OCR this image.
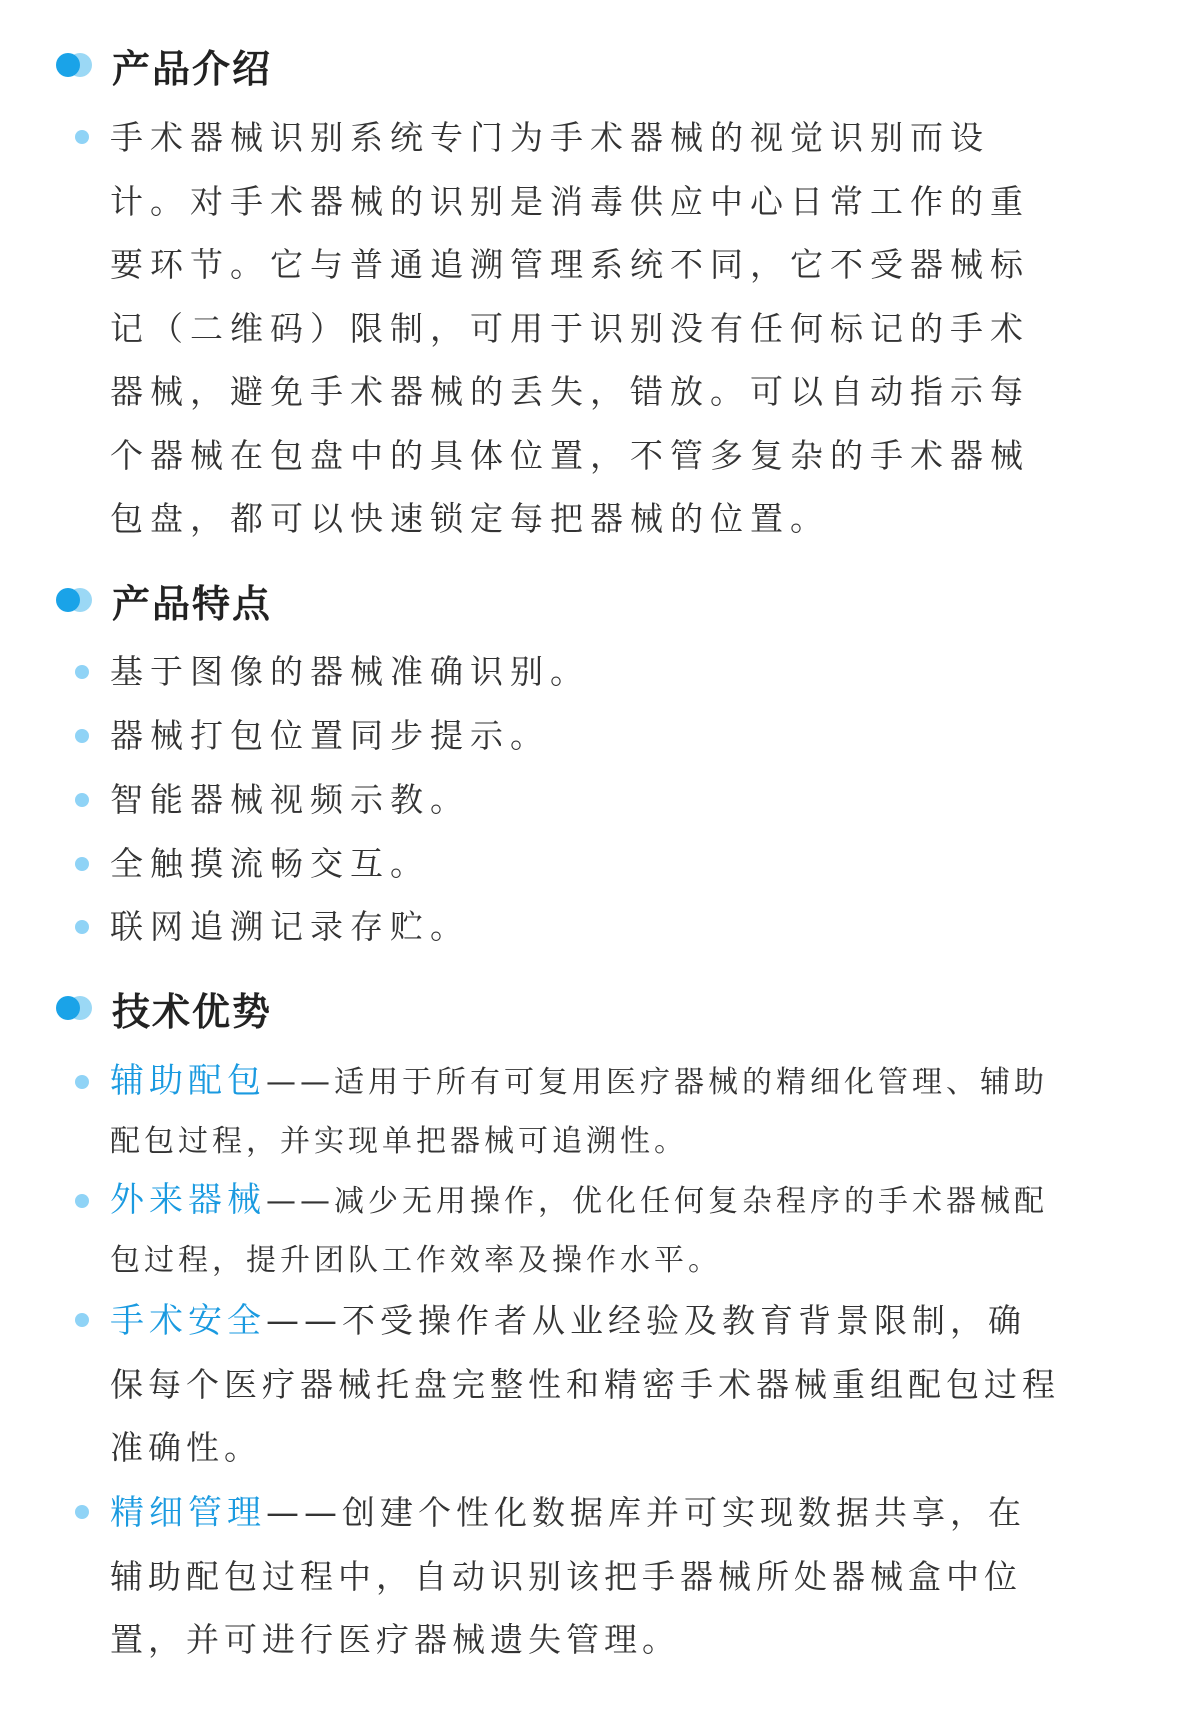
产品介绍

手术器械识别系统专门为手术器械的视觉识别而设计。对手术器械的识别是消毒供应中心日常工作的重要环节。它与普通追溯管理系统不同，它不受器械标记（二维码）限制，可用于识别没有任何标记的手术器械，避免手术器械的丢失，错放。可以自动指示每个器械在包盘中的具体位置，不管多复杂的手术器械包盘，都可以快速锁定每把器械的位置。

产品特点
基于图像的器械准确识别。
器械打包位置同步提示。
智能器械视频示教。
全触摸流畅交互。
联网追溯记录存贮。
技术优势
辅助配包——适用于所有可复用医疗器械的精细化管理、辅助配包过程，并实现单把器械可追溯性。
外来器械——减少无用操作，优化任何复杂程序的手术器械配包过程，提升团队工作效率及操作水平。
手术安全——不受操作者从业经验及教育背景限制，确保每个医疗器械托盘完整性和精密手术器械重组配包过程准确性。
精细管理——创建个性化数据库并可实现数据共享，在辅助配包过程中，自动识别该把手器械所处器械盒中位置，并可进行医疗器械遗失管理。
